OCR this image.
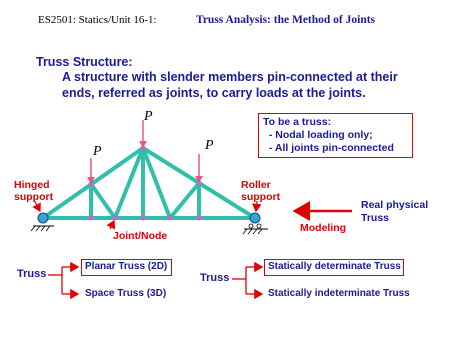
ES2501: Statics/Unit 16-1:	Truss Analysis: the Method of Joints
Truss Structure:
A structure with slender members pin-connected at their
ends, referred as joints, to carry loads at the joints.
P
P	P
Hinged
support
Roller
support
Joint/Node
Modeling
Real physical
Truss
To be a truss:
- Nodal loading only;
- All joints pin-connected
Truss
Planar Truss (2D)
Space Truss (3D)
Truss
Statically determinate Truss
Statically indeterminate Truss
